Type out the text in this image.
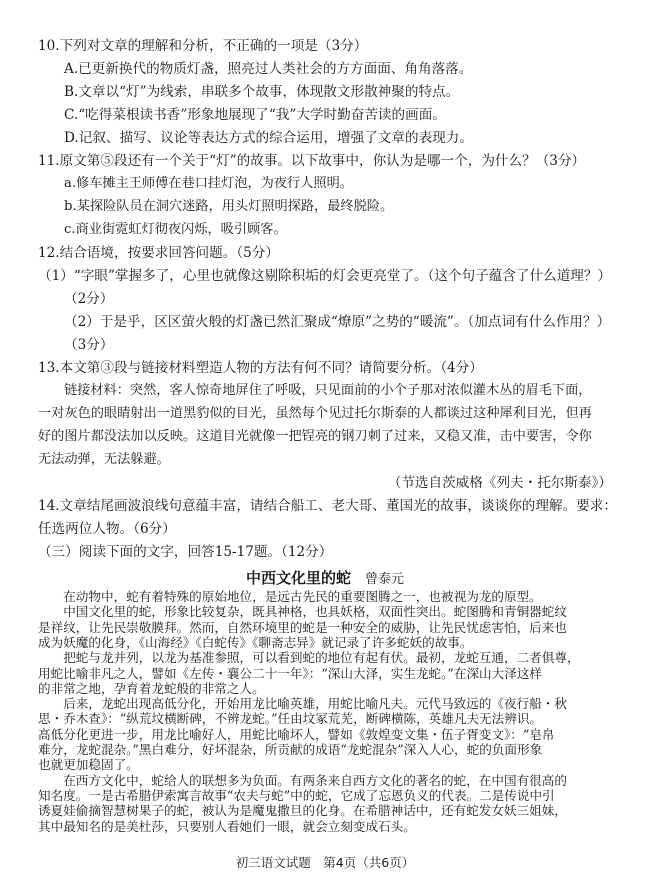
10.下列对文章的理解和分析，不正确的一项是（3分）
A.已更新换代的物质灯盏，照亮过人类社会的方方面面、角角落落。
B.文章以“灯”为线索，串联多个故事，体现散文形散神聚的特点。
C.“吃得菜根读书香”形象地展现了“我”大学时勤奋苦读的画面。
D.记叙、描写、议论等表达方式的综合运用，增强了文章的表现力。
11.原文第⑤段还有一个关于“灯”的故事。以下故事中，你认为是哪一个，为什么？（3分）
a.修车摊主王师傅在巷口挂灯泡，为夜行人照明。
b.某探险队员在洞穴迷路，用头灯照明探路，最终脱险。
c.商业街霓虹灯彻夜闪烁，吸引顾客。
12.结合语境，按要求回答问题。（5分）
（1）“字眼”掌握多了，心里也就像这剔除积垢的灯会更亮堂了。（这个句子蕴含了什么道理？）
（2分）
（2）于是乎，区区萤火般的灯盏已然汇聚成“燎原”之势的“暖流”。（加点词有什么作用？）
（3分）
13.本文第③段与链接材料塑造人物的方法有何不同？请简要分析。（4分）
链接材料：突然，客人惊奇地屏住了呼吸，只见面前的小个子那对浓似灌木丛的眉毛下面，
一对灰色的眼睛射出一道黑豹似的目光，虽然每个见过托尔斯泰的人都谈过这种犀利目光，但再
好的图片都没法加以反映。这道目光就像一把锃亮的钢刀刺了过来，又稳又准，击中要害，令你
无法动弹，无法躲避。
（节选自茨威格《列夫・托尔斯泰》）
14.文章结尾画波浪线句意蕴丰富，请结合船工、老大哥、董国光的故事，谈谈你的理解。要求：
任选两位人物。（6分）
（三）阅读下面的文字，回答15-17题。（12分）
中西文化里的蛇 曾泰元
　　在动物中，蛇有着特殊的原始地位，是远古先民的重要图腾之一，也被视为龙的原型。
　　中国文化里的蛇，形象比较复杂，既具神格，也具妖格，双面性突出。蛇图腾和青铜器蛇纹
是祥纹，让先民崇敬膜拜。然而，自然环境里的蛇是一种安全的威胁，让先民忧虑害怕，后来也
成为妖魔的化身，《山海经》《白蛇传》《聊斋志异》就记录了许多蛇妖的故事。
　　把蛇与龙并列，以龙为基准参照，可以看到蛇的地位有起有伏。最初，龙蛇互通，二者俱尊，
用蛇比喻非凡之人，譬如《左传・襄公二十一年》：“深山大泽，实生龙蛇。”在深山大泽这样
的非常之地，孕育着龙蛇般的非常之人。
　　后来，龙蛇出现高低分化，开始用龙比喻英雄，用蛇比喻凡夫。元代马致远的《夜行船・秋
思・乔木查》：“纵荒坟横断碑，不辨龙蛇。”任由坟冢荒芜，断碑横陈，英雄凡夫无法辨识。
高低分化更进一步，用龙比喻好人，用蛇比喻坏人，譬如《敦煌变文集・伍子胥变文》：“皂帛
难分，龙蛇混杂。”黑白难分，好坏混杂，所贡献的成语“龙蛇混杂”深入人心，蛇的负面形象
也就更加稳固了。
　　在西方文化中，蛇给人的联想多为负面。有两条来自西方文化的著名的蛇，在中国有很高的
知名度。一是古希腊伊索寓言故事“农夫与蛇”中的蛇，它成了忘恩负义的代表。二是传说中引
诱夏娃偷摘智慧树果子的蛇，被认为是魔鬼撒旦的化身。在希腊神话中，还有蛇发女妖三姐妹，
其中最知名的是美杜莎，只要别人看她们一眼，就会立刻变成石头。
初三语文试题　第4页（共6页）
